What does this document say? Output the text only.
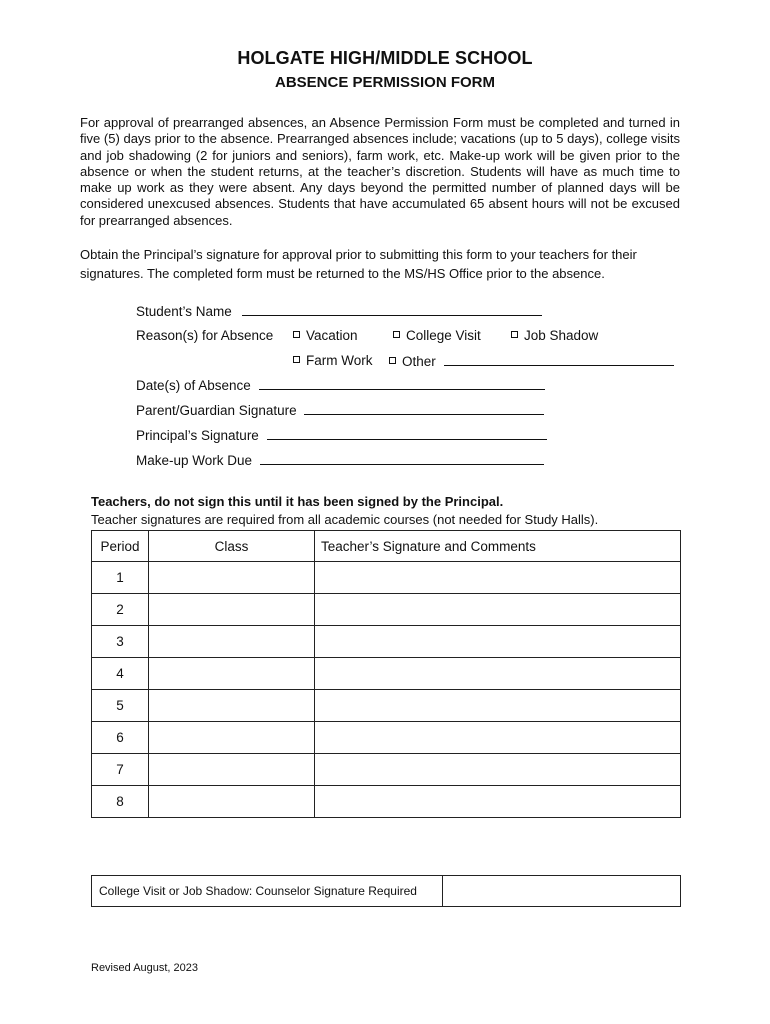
HOLGATE HIGH/MIDDLE SCHOOL
ABSENCE PERMISSION FORM
For approval of prearranged absences, an Absence Permission Form must be completed and turned in five (5) days prior to the absence. Prearranged absences include; vacations (up to 5 days), college visits and job shadowing (2 for juniors and seniors), farm work, etc. Make-up work will be given prior to the absence or when the student returns, at the teacher’s discretion. Students will have as much time to make up work as they were absent. Any days beyond the permitted number of planned days will be considered unexcused absences. Students that have accumulated 65 absent hours will not be excused for prearranged absences.
Obtain the Principal’s signature for approval prior to submitting this form to your teachers for their signatures. The completed form must be returned to the MS/HS Office prior to the absence.
Student’s Name
Reason(s) for Absence	Vacation	College Visit	Job Shadow
Farm Work	Other
Date(s) of Absence
Parent/Guardian Signature
Principal’s Signature
Make-up Work Due
Teachers, do not sign this until it has been signed by the Principal.
Teacher signatures are required from all academic courses (not needed for Study Halls).
Period	Class	Teacher’s Signature and Comments
1		
2		
3		
4		
5		
6		
7		
8		
College Visit or Job Shadow: Counselor Signature Required	
Revised August, 2023
